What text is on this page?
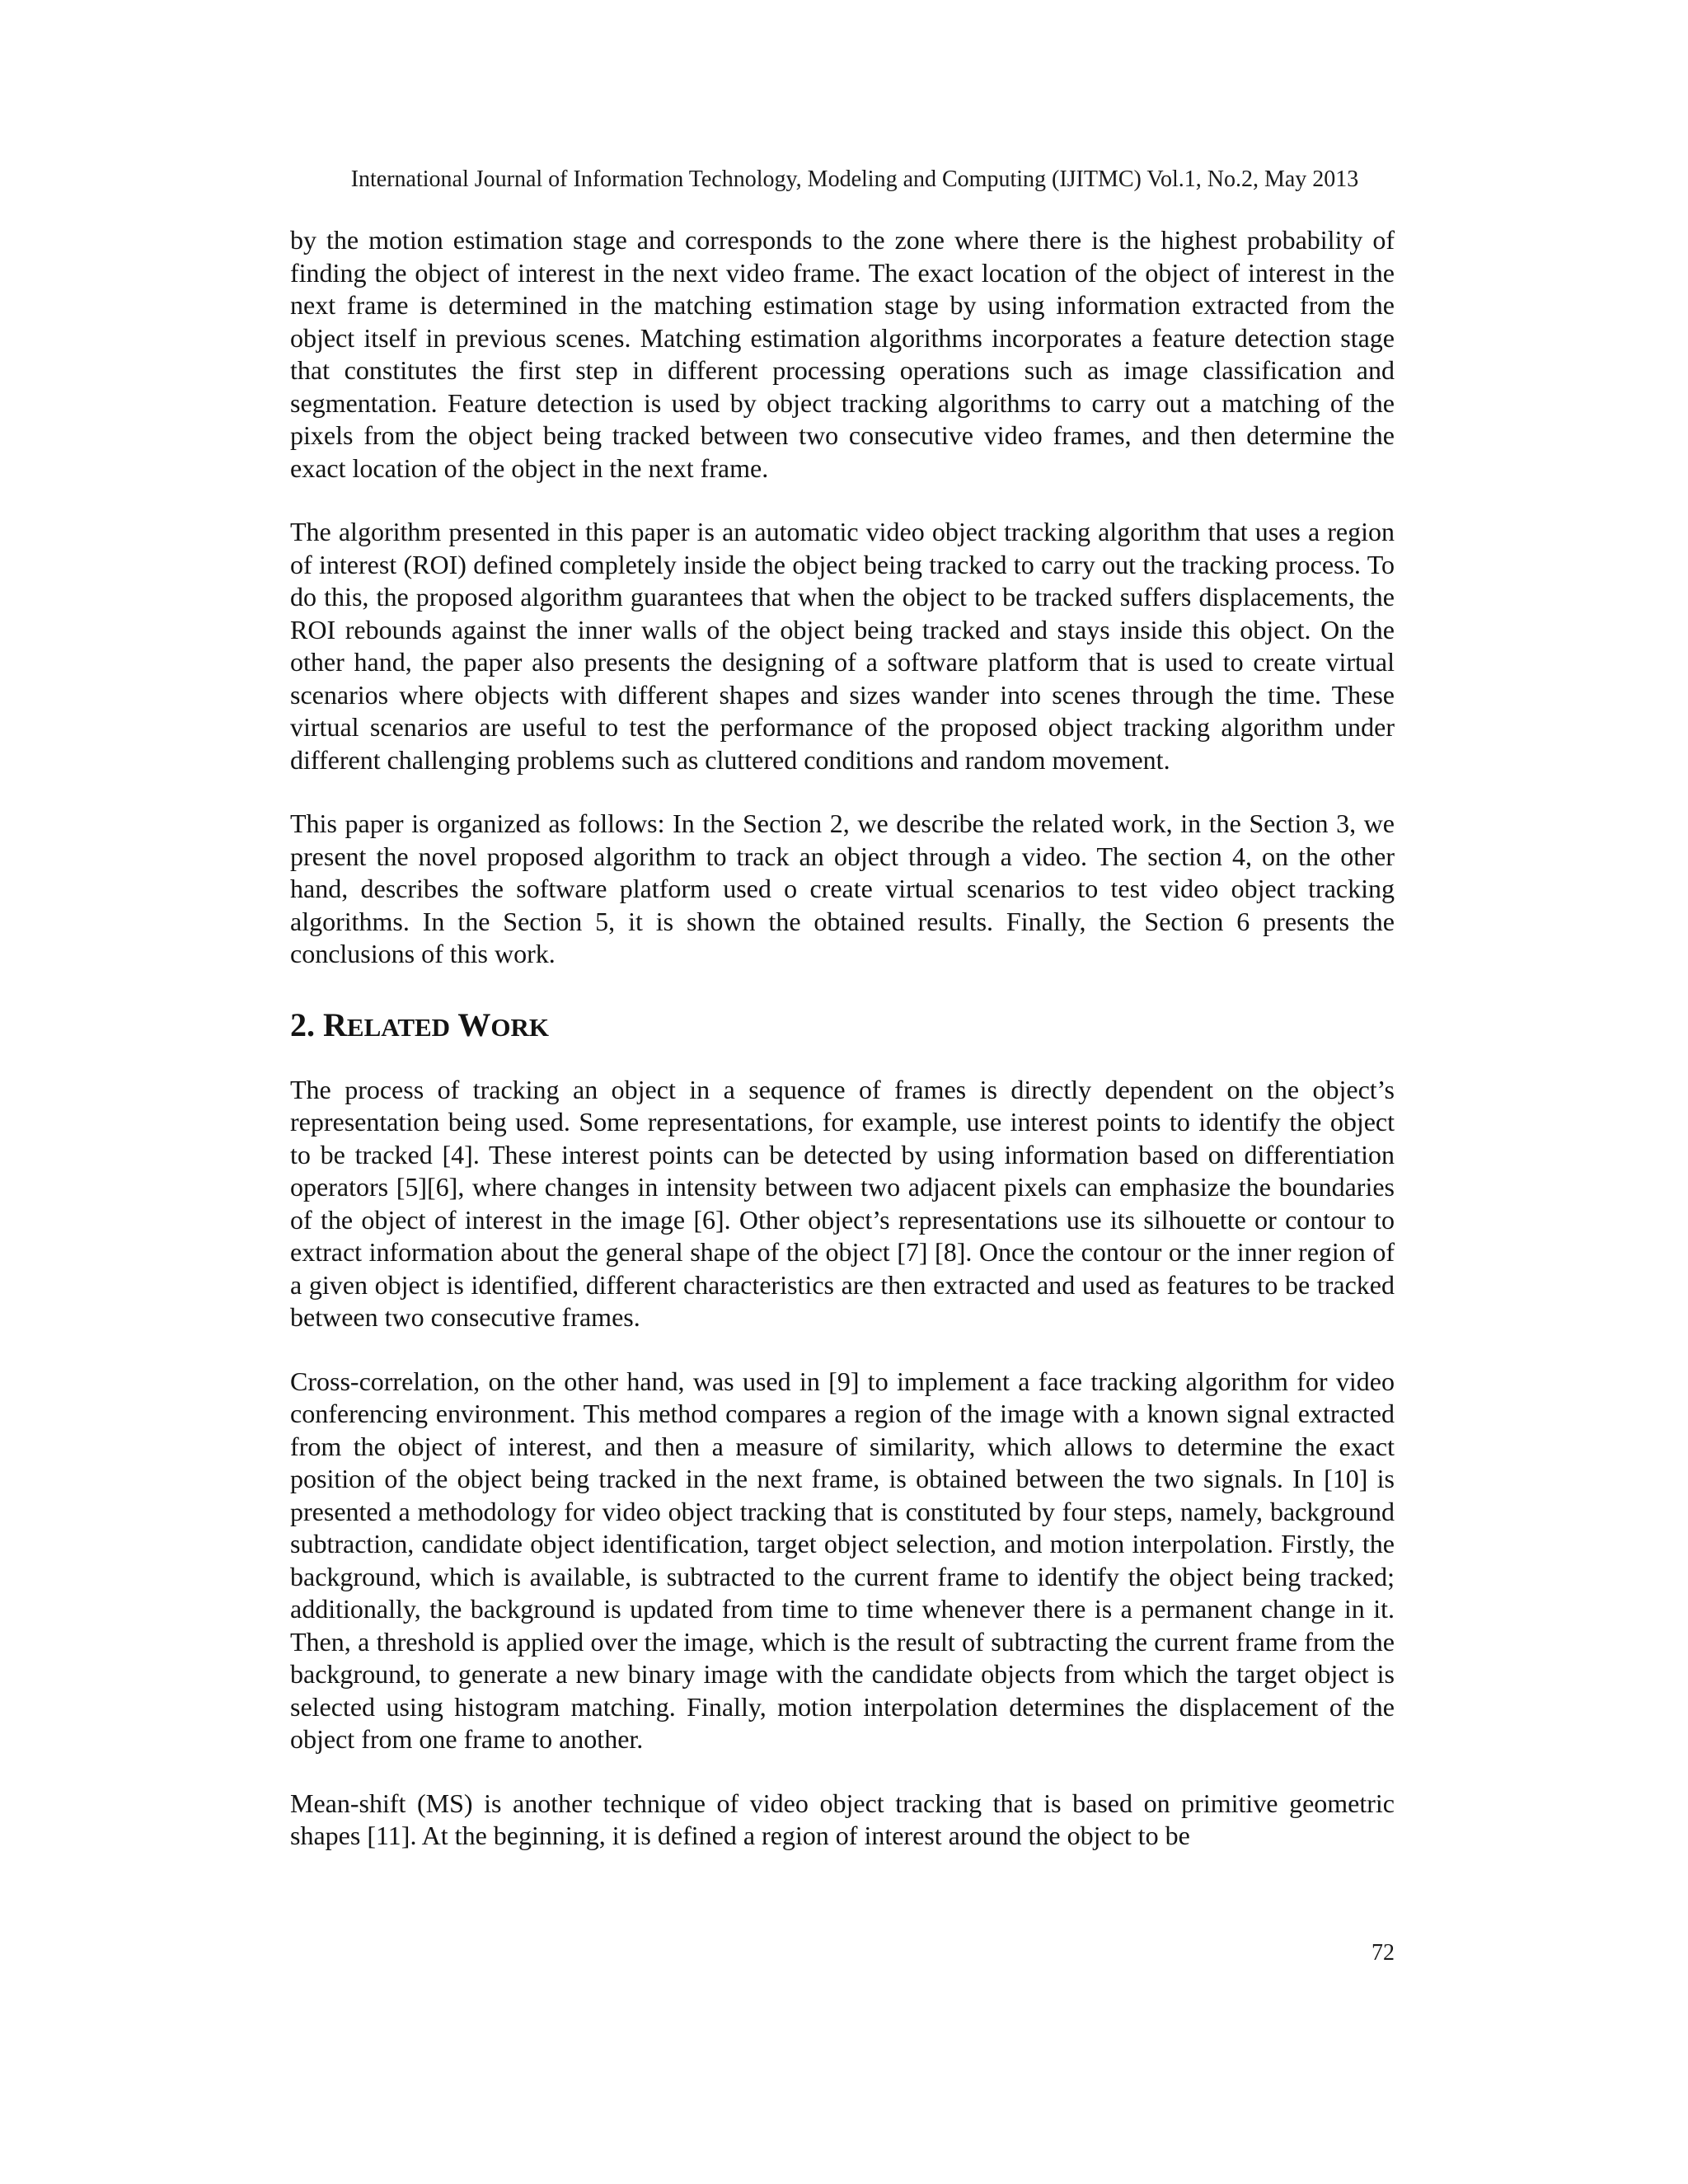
International Journal of Information Technology, Modeling and Computing (IJITMC) Vol.1, No.2, May 2013

by the motion estimation stage and corresponds to the zone where there is the highest probability of finding the object of interest in the next video frame. The exact location of the object of interest in the next frame is determined in the matching estimation stage by using information extracted from the object itself in previous scenes. Matching estimation algorithms incorporates a feature detection stage that constitutes the first step in different processing operations such as image classification and segmentation. Feature detection is used by object tracking algorithms to carry out a matching of the pixels from the object being tracked between two consecutive video frames, and then determine the exact location of the object in the next frame.

The algorithm presented in this paper is an automatic video object tracking algorithm that uses a region of interest (ROI) defined completely inside the object being tracked to carry out the tracking process. To do this, the proposed algorithm guarantees that when the object to be tracked suffers displacements, the ROI rebounds against the inner walls of the object being tracked and stays inside this object. On the other hand, the paper also presents the designing of a software platform that is used to create virtual scenarios where objects with different shapes and sizes wander into scenes through the time. These virtual scenarios are useful to test the performance of the proposed object tracking algorithm under different challenging problems such as cluttered conditions and random movement.

This paper is organized as follows: In the Section 2, we describe the related work, in the Section 3, we present the novel proposed algorithm to track an object through a video. The section 4, on the other hand, describes the software platform used o create virtual scenarios to test video object tracking algorithms. In the Section 5, it is shown the obtained results. Finally, the Section 6 presents the conclusions of this work.

2. RELATED WORK

The process of tracking an object in a sequence of frames is directly dependent on the object’s representation being used. Some representations, for example, use interest points to identify the object to be tracked [4]. These interest points can be detected by using information based on differentiation operators [5][6], where changes in intensity between two adjacent pixels can emphasize the boundaries of the object of interest in the image [6]. Other object’s representations use its silhouette or contour to extract information about the general shape of the object [7] [8]. Once the contour or the inner region of a given object is identified, different characteristics are then extracted and used as features to be tracked between two consecutive frames.

Cross-correlation, on the other hand, was used in [9] to implement a face tracking algorithm for video conferencing environment. This method compares a region of the image with a known signal extracted from the object of interest, and then a measure of similarity, which allows to determine the exact position of the object being tracked in the next frame, is obtained between the two signals. In [10] is presented a methodology for video object tracking that is constituted by four steps, namely, background subtraction, candidate object identification, target object selection, and motion interpolation. Firstly, the background, which is available, is subtracted to the current frame to identify the object being tracked; additionally, the background is updated from time to time whenever there is a permanent change in it. Then, a threshold is applied over the image, which is the result of subtracting the current frame from the background, to generate a new binary image with the candidate objects from which the target object is selected using histogram matching. Finally, motion interpolation determines the displacement of the object from one frame to another.

Mean-shift (MS) is another technique of video object tracking that is based on primitive geometric shapes [11]. At the beginning, it is defined a region of interest around the object to be

72
